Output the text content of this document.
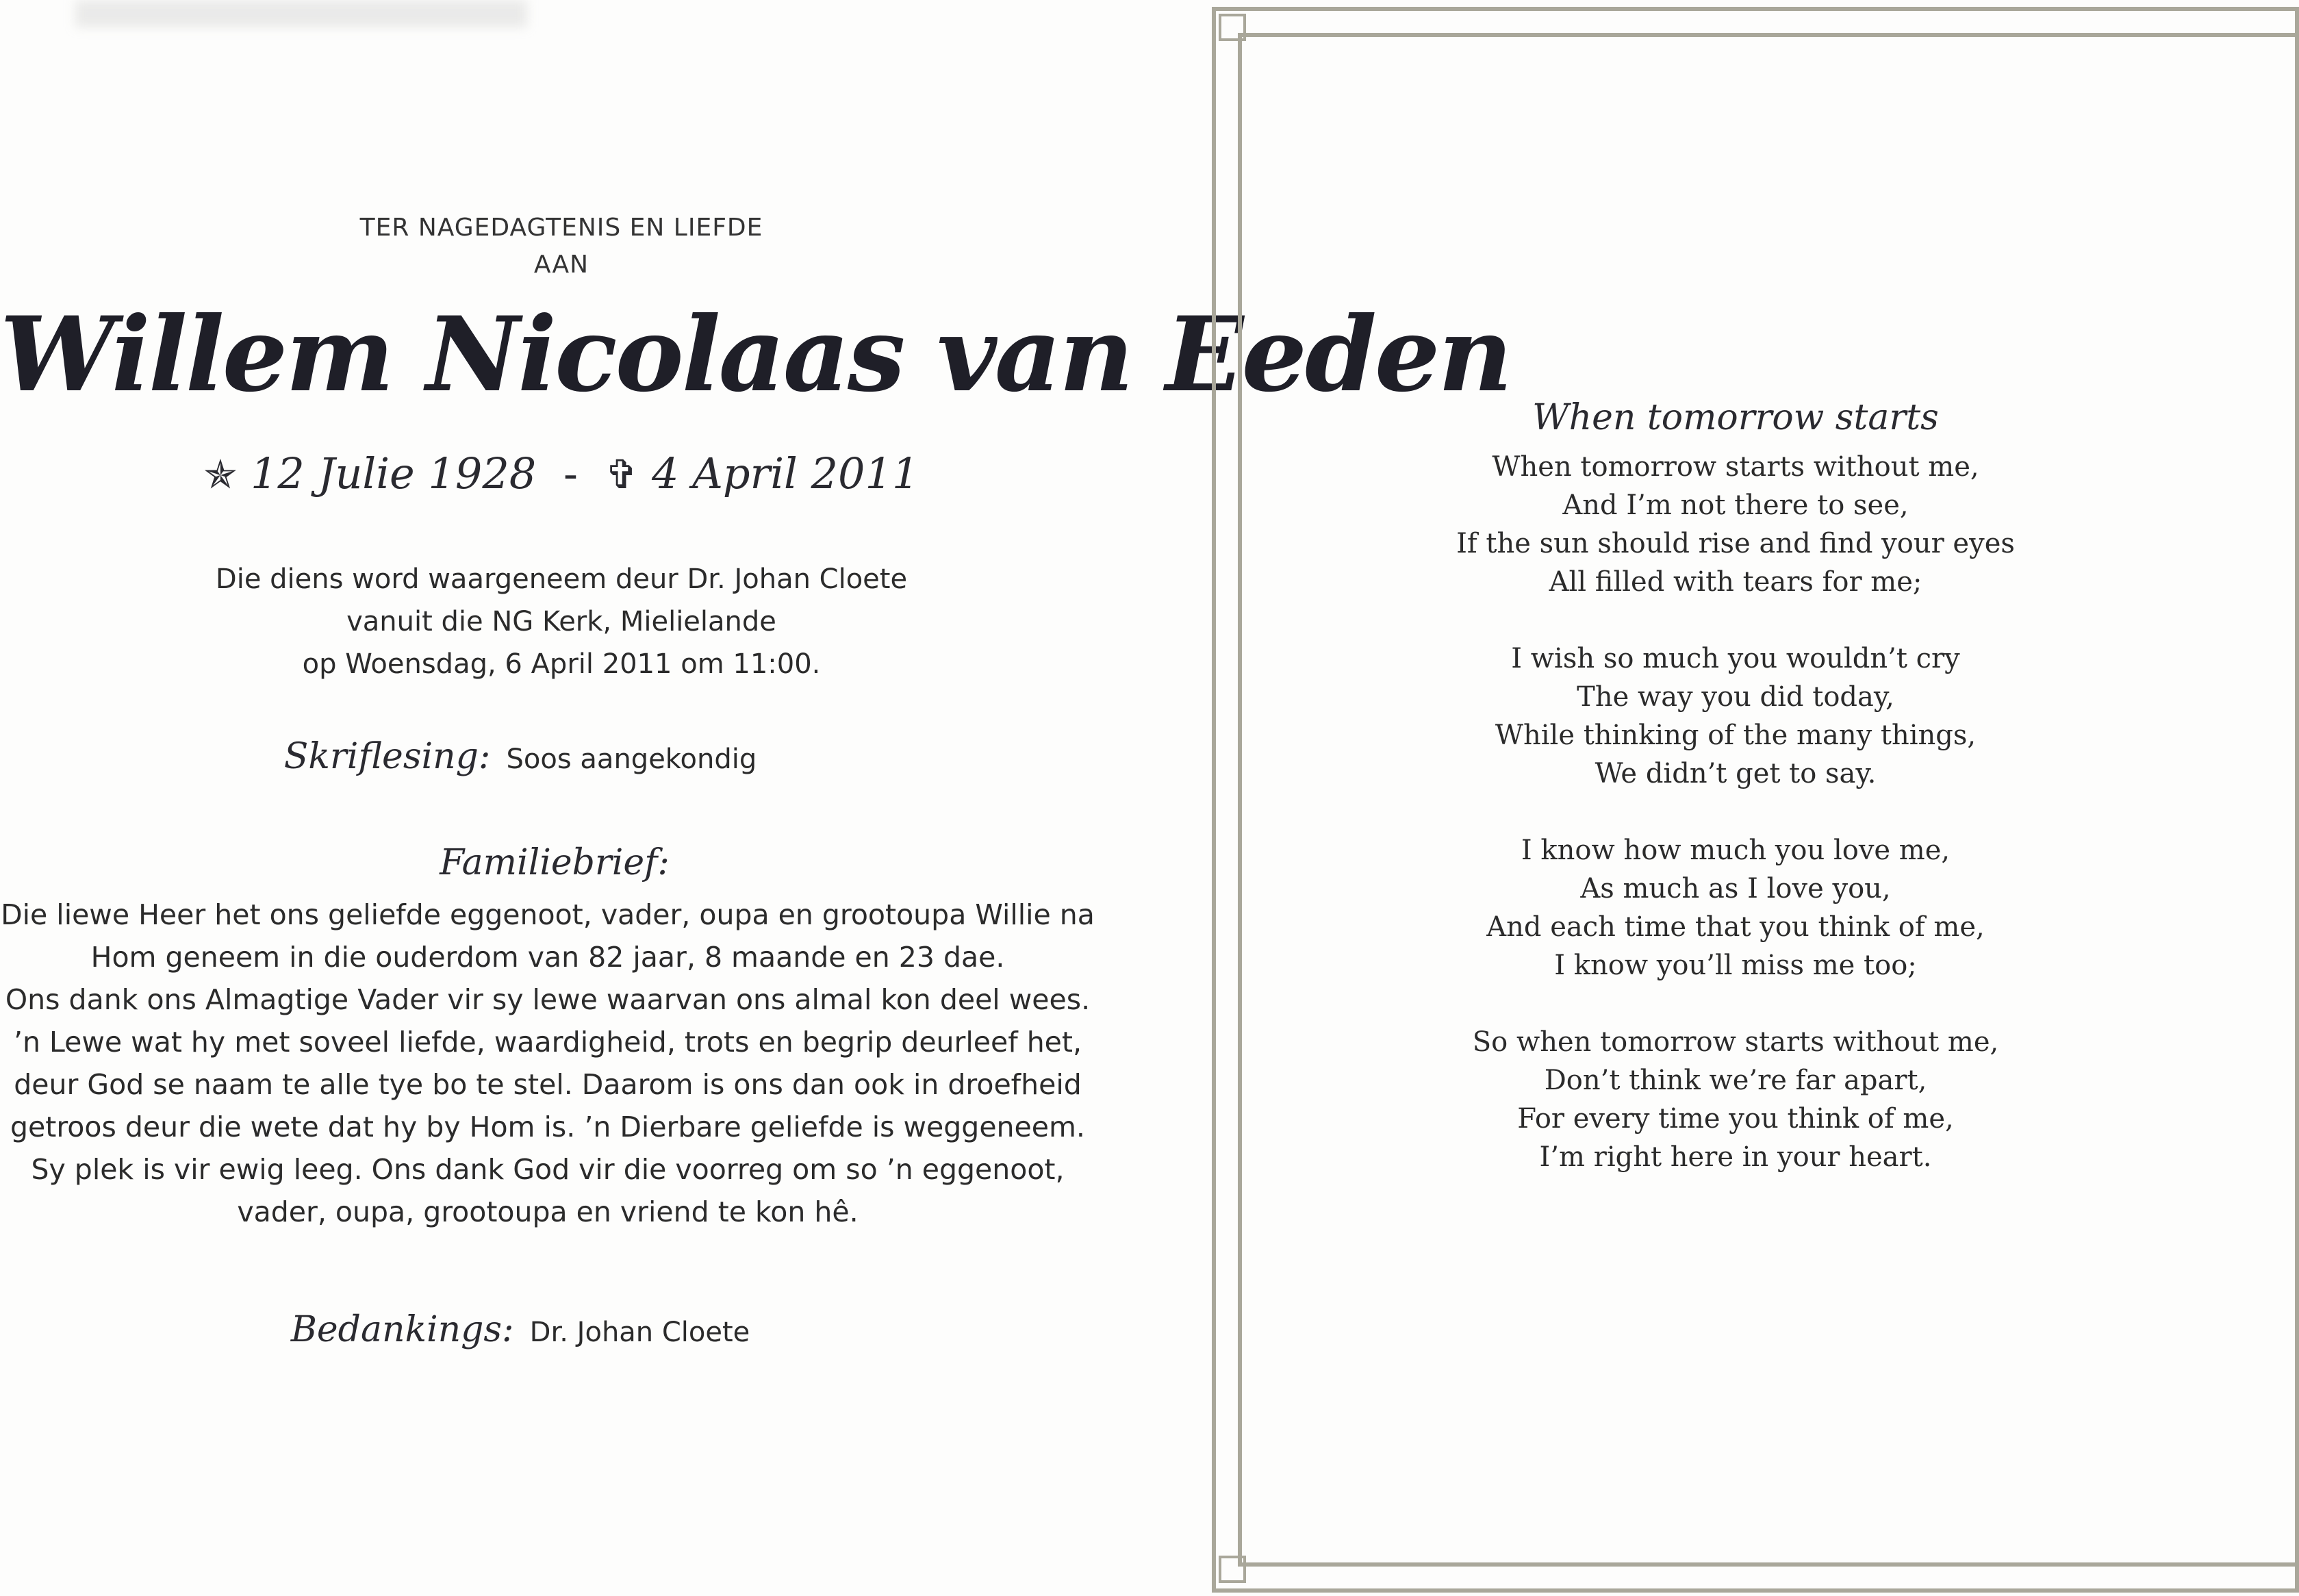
TER NAGEDAGTENIS EN LIEFDE
AAN
Willem Nicolaas van Eeden
✯ 12 Julie 1928 - ✞ 4 April 2011
Die diens word waargeneem deur Dr. Johan Cloete
vanuit die NG Kerk, Mielielande
op Woensdag, 6 April 2011 om 11:00.
Skriflesing: Soos aangekondig
Familiebrief:
Die liewe Heer het ons geliefde eggenoot, vader, oupa en grootoupa Willie na
Hom geneem in die ouderdom van 82 jaar, 8 maande en 23 dae.
Ons dank ons Almagtige Vader vir sy lewe waarvan ons almal kon deel wees.
’n Lewe wat hy met soveel liefde, waardigheid, trots en begrip deurleef het,
deur God se naam te alle tye bo te stel. Daarom is ons dan ook in droefheid
getroos deur die wete dat hy by Hom is. ’n Dierbare geliefde is weggeneem.
Sy plek is vir ewig leeg. Ons dank God vir die voorreg om so ’n eggenoot,
vader, oupa, grootoupa en vriend te kon hê.
Bedankings: Dr. Johan Cloete
When tomorrow starts
When tomorrow starts without me,
And I’m not there to see,
If the sun should rise and find your eyes
All filled with tears for me;
I wish so much you wouldn’t cry
The way you did today,
While thinking of the many things,
We didn’t get to say.
I know how much you love me,
As much as I love you,
And each time that you think of me,
I know you’ll miss me too;
So when tomorrow starts without me,
Don’t think we’re far apart,
For every time you think of me,
I’m right here in your heart.
